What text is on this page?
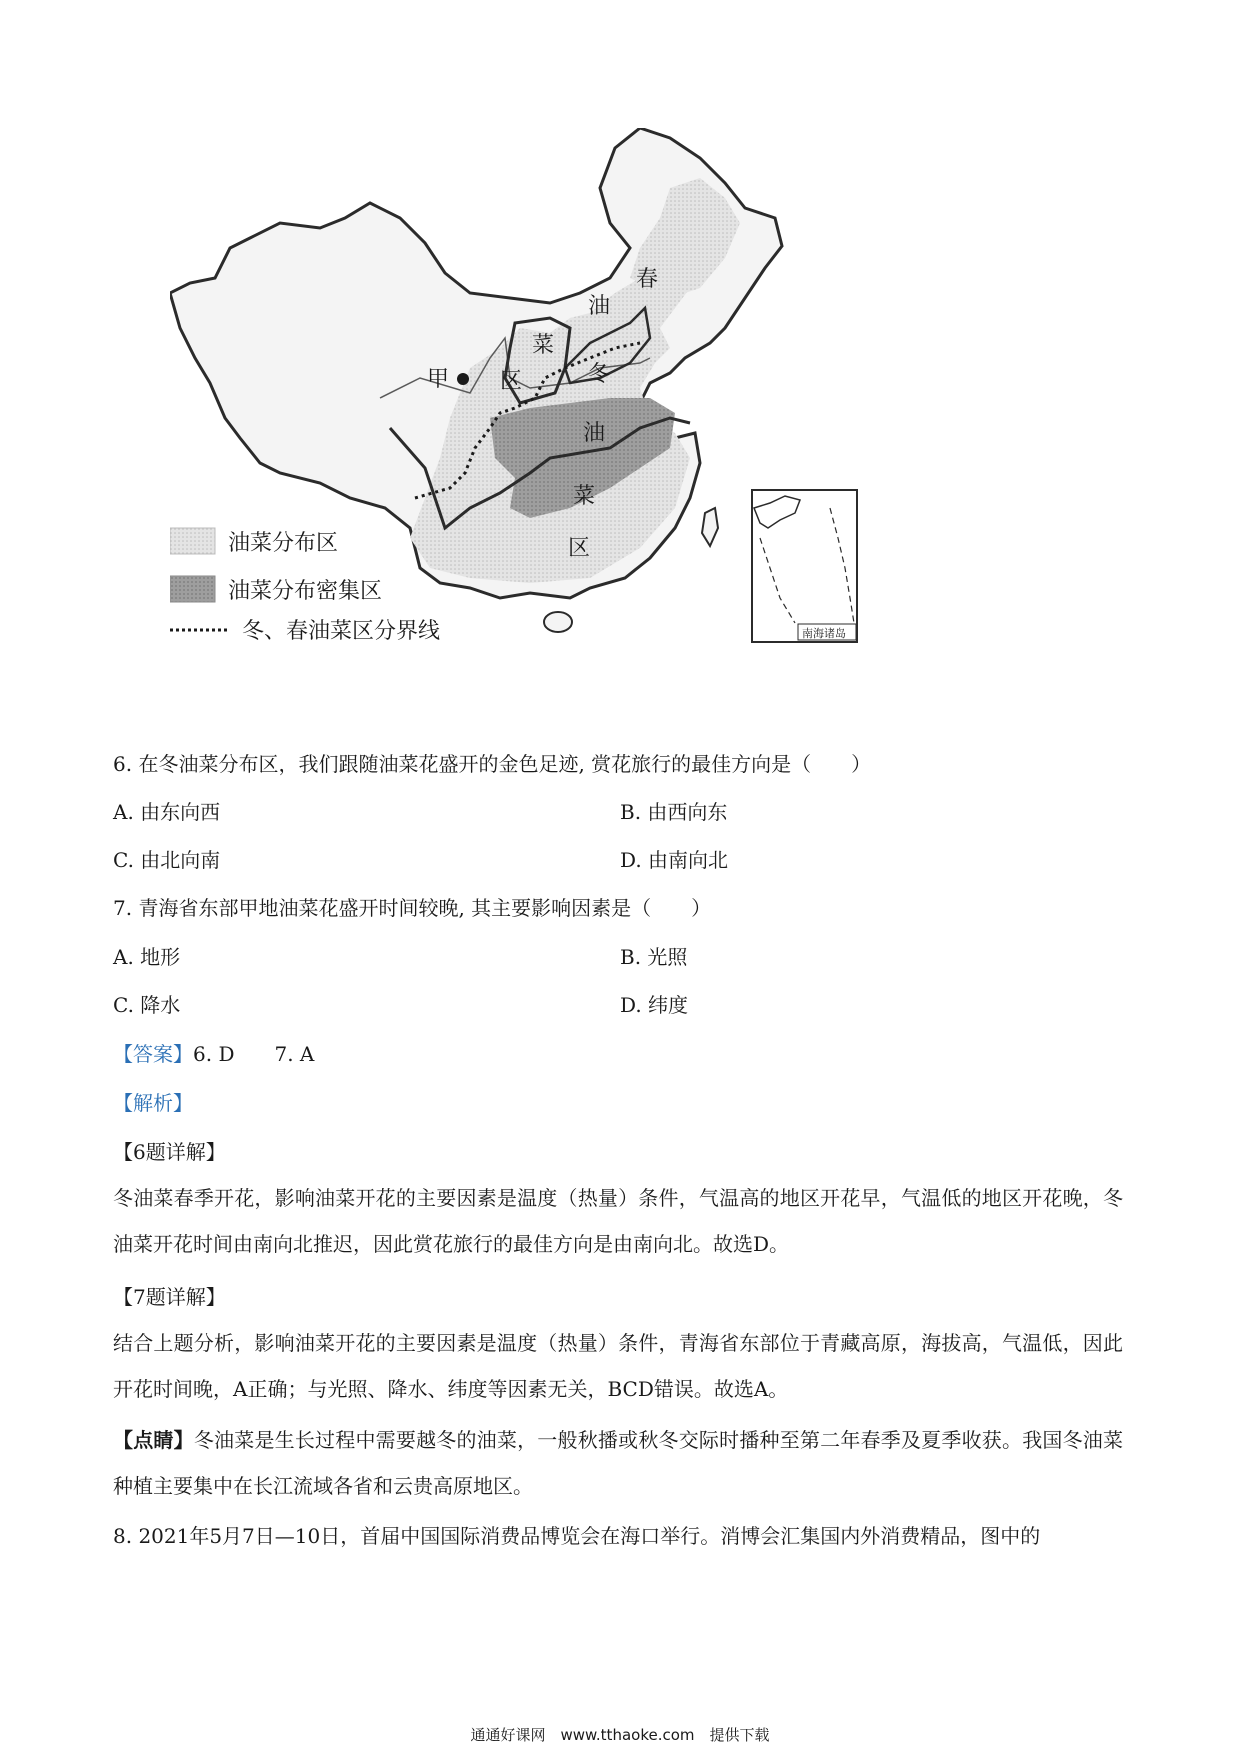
甲
春
油
菜
区	冬
油
菜
区
油菜分布区
油菜分布密集区
冬、春油菜区分界线	南海诸岛
6. 在冬油菜分布区，我们跟随油菜花盛开的金色足迹, 赏花旅行的最佳方向是（　　）
A. 由东向西	B. 由西向东
C. 由北向南	D. 由南向北
7. 青海省东部甲地油菜花盛开时间较晚, 其主要影响因素是（　　）
A. 地形	B. 光照
C. 降水	D. 纬度
【答案】6. D　　7. A
【解析】
【6题详解】
冬油菜春季开花，影响油菜开花的主要因素是温度（热量）条件，气温高的地区开花早，气温低的地区开花晚，冬油菜开花时间由南向北推迟，因此赏花旅行的最佳方向是由南向北。故选D。
【7题详解】
结合上题分析，影响油菜开花的主要因素是温度（热量）条件，青海省东部位于青藏高原，海拔高，气温低，因此开花时间晚，A正确；与光照、降水、纬度等因素无关，BCD错误。故选A。
【点睛】冬油菜是生长过程中需要越冬的油菜，一般秋播或秋冬交际时播种至第二年春季及夏季收获。我国冬油菜种植主要集中在长江流域各省和云贵高原地区。
8. 2021年5月7日—10日，首届中国国际消费品博览会在海口举行。消博会汇集国内外消费精品，图中的
通通好课网　www.tthaoke.com　提供下载
